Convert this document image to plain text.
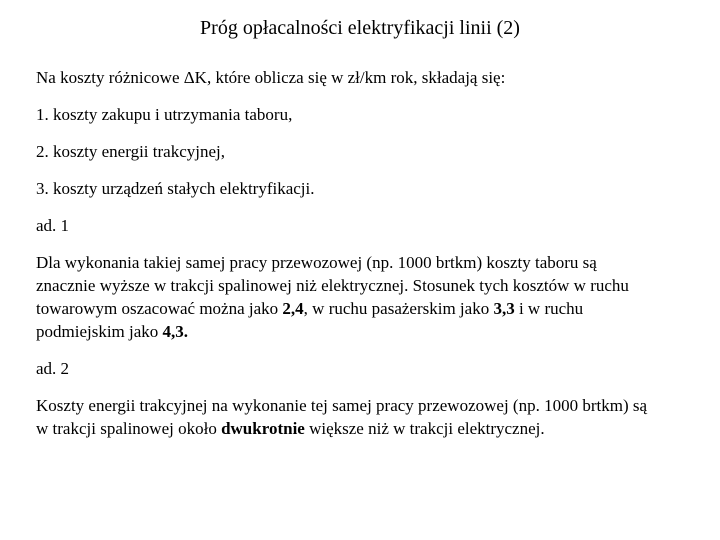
Próg opłacalności elektryfikacji linii (2)

Na koszty różnicowe ΔK, które oblicza się w zł/km rok, składają się:

1. koszty zakupu i utrzymania taboru,

2. koszty energii trakcyjnej,

3. koszty urządzeń stałych elektryfikacji.

ad. 1

Dla wykonania takiej samej pracy przewozowej (np. 1000 brtkm) koszty taboru są znacznie wyższe w trakcji spalinowej niż elektrycznej. Stosunek tych kosztów w ruchu towarowym oszacować można jako 2,4, w ruchu pasażerskim jako 3,3 i w ruchu podmiejskim jako 4,3.

ad. 2

Koszty energii trakcyjnej na wykonanie tej samej pracy przewozowej (np. 1000 brtkm) są w trakcji spalinowej około dwukrotnie większe niż w trakcji elektrycznej.
